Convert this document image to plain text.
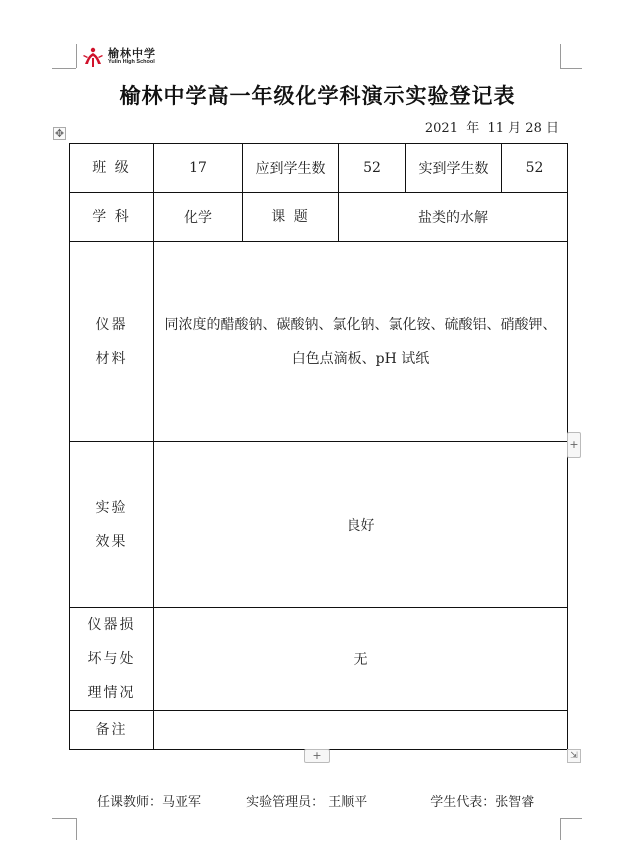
榆林中学
Yulin High School
榆林中学高一年级化学科演示实验登记表
2021  年  11 月 28 日
✥
班 级	17	应到学生数	52	实到学生数	52
学 科	化学	课 题	盐类的水解		

仪器
材料	同浓度的醋酸钠、碳酸钠、氯化钠、氯化铵、硫酸铝、硝酸钾、白色点滴板、pH 试纸				

实验
效果	良好				

仪器损
坏与处
理情况	无				
备注					
+
+	⇲
任课教师：马亚军	实验管理员： 王顺平	学生代表：张智睿
